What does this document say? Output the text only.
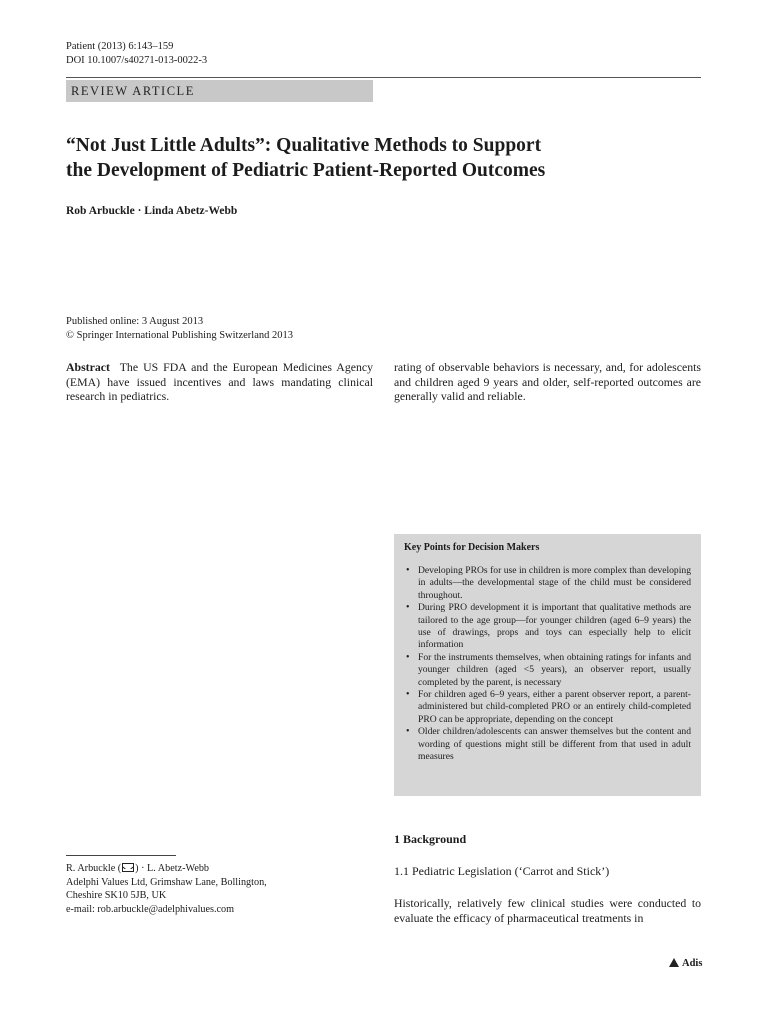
Patient (2013) 6:143–159
DOI 10.1007/s40271-013-0022-3
REVIEW ARTICLE
“Not Just Little Adults”: Qualitative Methods to Support
the Development of Pediatric Patient-Reported Outcomes
Rob Arbuckle · Linda Abetz-Webb
Published online: 3 August 2013
© Springer International Publishing Switzerland 2013
Abstract The US FDA and the European Medicines Agency (EMA) have issued incentives and laws mandating clinical research in pediatrics.
rating of observable behaviors is necessary, and, for adolescents and children aged 9 years and older, self-reported outcomes are generally valid and reliable.
Key Points for Decision Makers
• Developing PROs for use in children is more complex than developing in adults—the developmental stage of the child must be considered throughout.
• During PRO development it is important that qualitative methods are tailored to the age group—for younger children (aged 6–9 years) the use of drawings, props and toys can especially help to elicit information
• For the instruments themselves, when obtaining ratings for infants and younger children (aged <5 years), an observer report, usually completed by the parent, is necessary
• For children aged 6–9 years, either a parent observer report, a parent-administered but child-completed PRO or an entirely child-completed PRO can be appropriate, depending on the concept
• Older children/adolescents can answer themselves but the content and wording of questions might still be different from that used in adult measures
1 Background
1.1 Pediatric Legislation (‘Carrot and Stick’)
Historically, relatively few clinical studies were conducted to evaluate the efficacy of pharmaceutical treatments in
R. Arbuckle ( ) · L. Abetz-Webb
Adelphi Values Ltd, Grimshaw Lane, Bollington,
Cheshire SK10 5JB, UK
e-mail: rob.arbuckle@adelphivalues.com
Adis
